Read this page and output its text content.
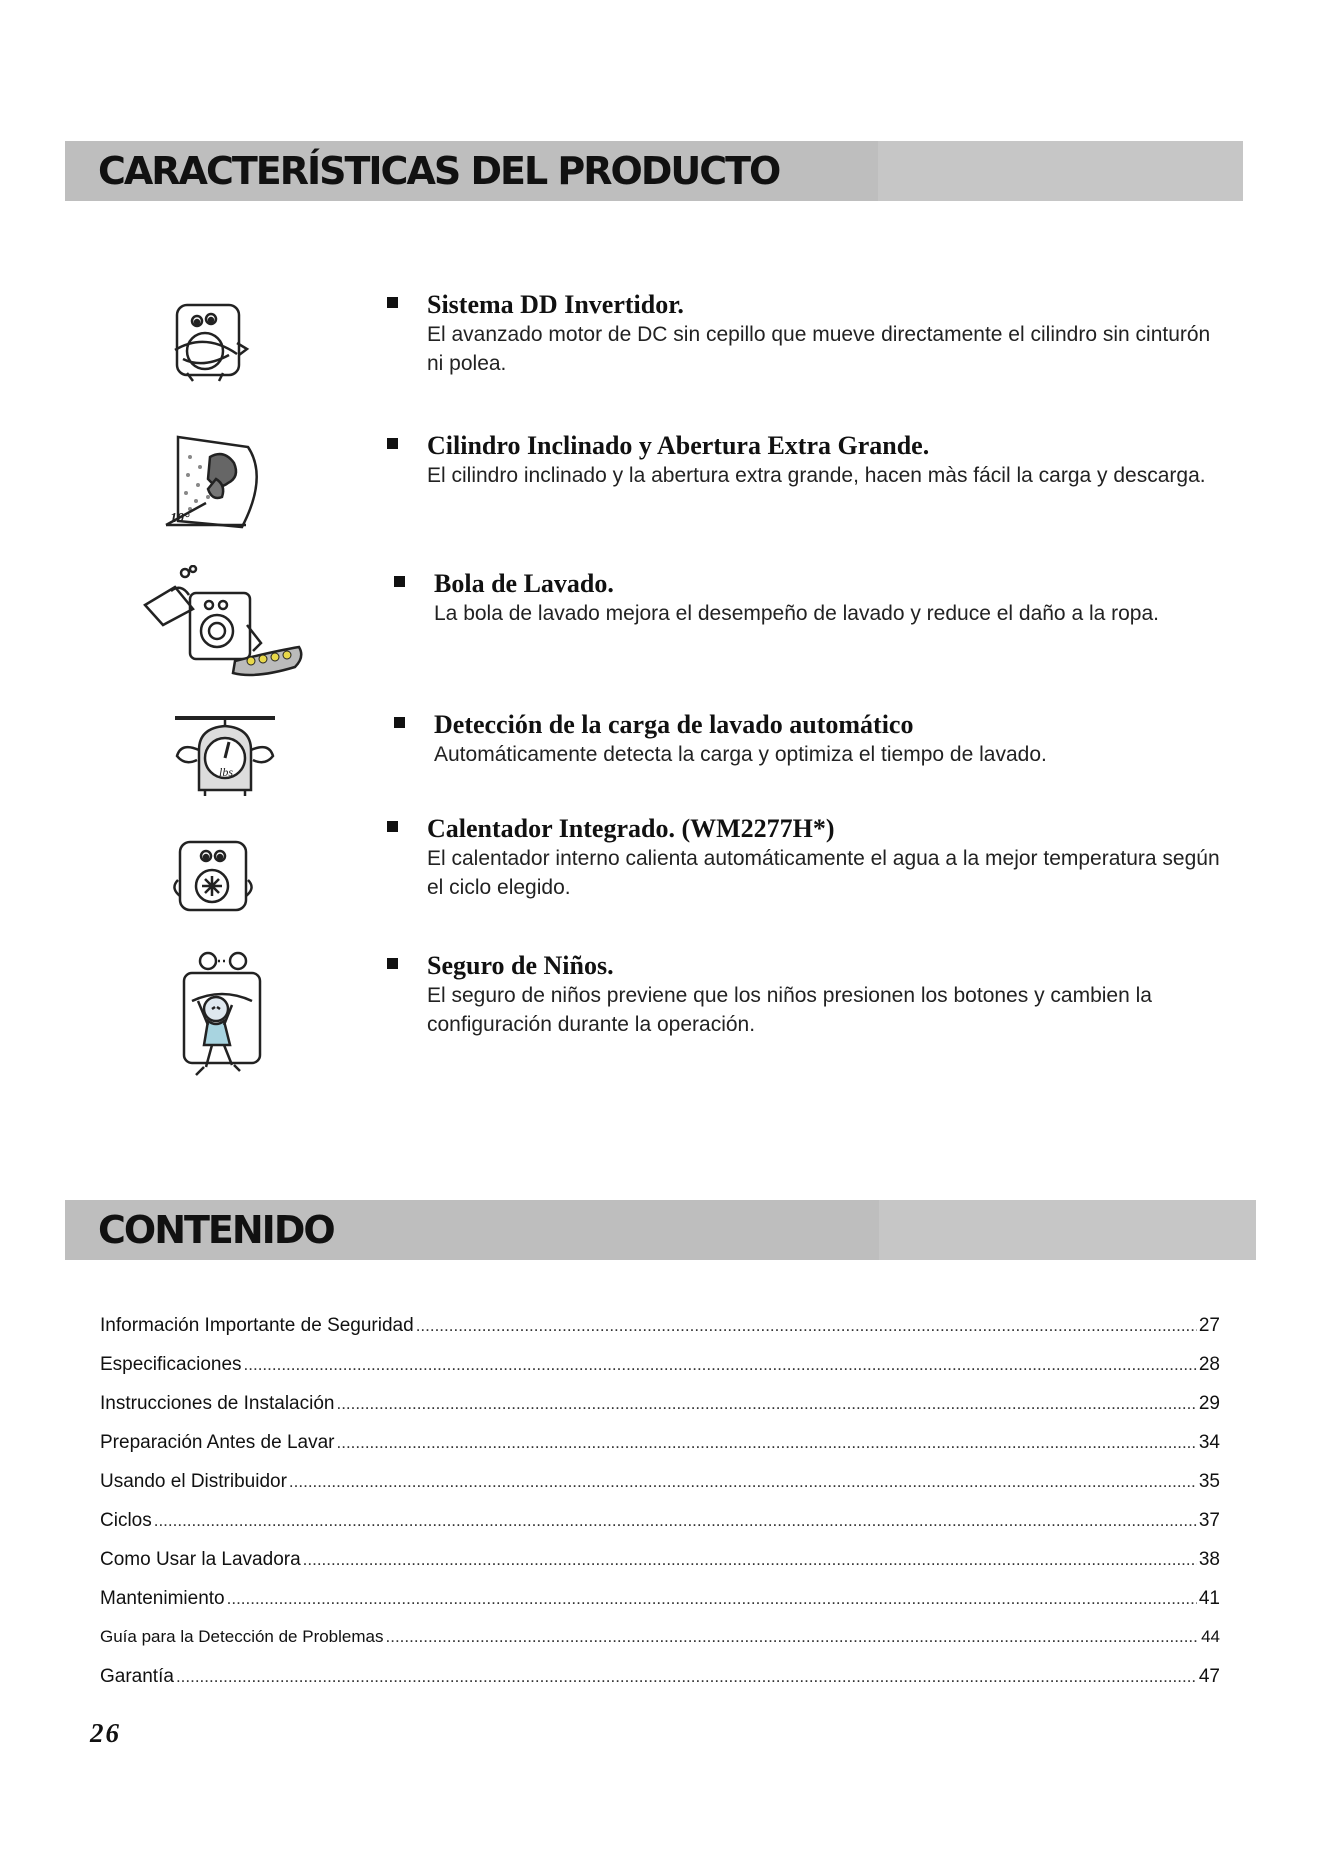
CARACTERÍSTICAS DEL PRODUCTO
Sistema DD Invertidor.
El avanzado motor de DC sin cepillo que mueve directamente el cilindro sin cinturón ni polea.
10°
Cilindro Inclinado y Abertura Extra Grande.
El cilindro inclinado y la abertura extra grande, hacen màs fácil la carga y descarga.
Bola de Lavado.
La bola de lavado mejora el desempeño de lavado y reduce el daño a la ropa.
lbs
Detección de la carga de lavado automático
Automáticamente detecta la carga y optimiza el tiempo de lavado.
Calentador Integrado. (WM2277H*)
El calentador interno calienta automáticamente el agua a la mejor temperatura según el ciclo elegido.
Seguro de Niños.
El seguro de niños previene que los niños presionen los botones y cambien la configuración durante la operación.
CONTENIDO
Información Importante de Seguridad .....	27
Especificaciones .....	28
Instrucciones de Instalación .....	29
Preparación Antes de Lavar .....	34
Usando el Distribuidor .....	35
Ciclos .....	37
Como Usar la Lavadora .....	38
Mantenimiento .....	41
Guía para la Detección de Problemas .....	44
Garantía .....	47
26
